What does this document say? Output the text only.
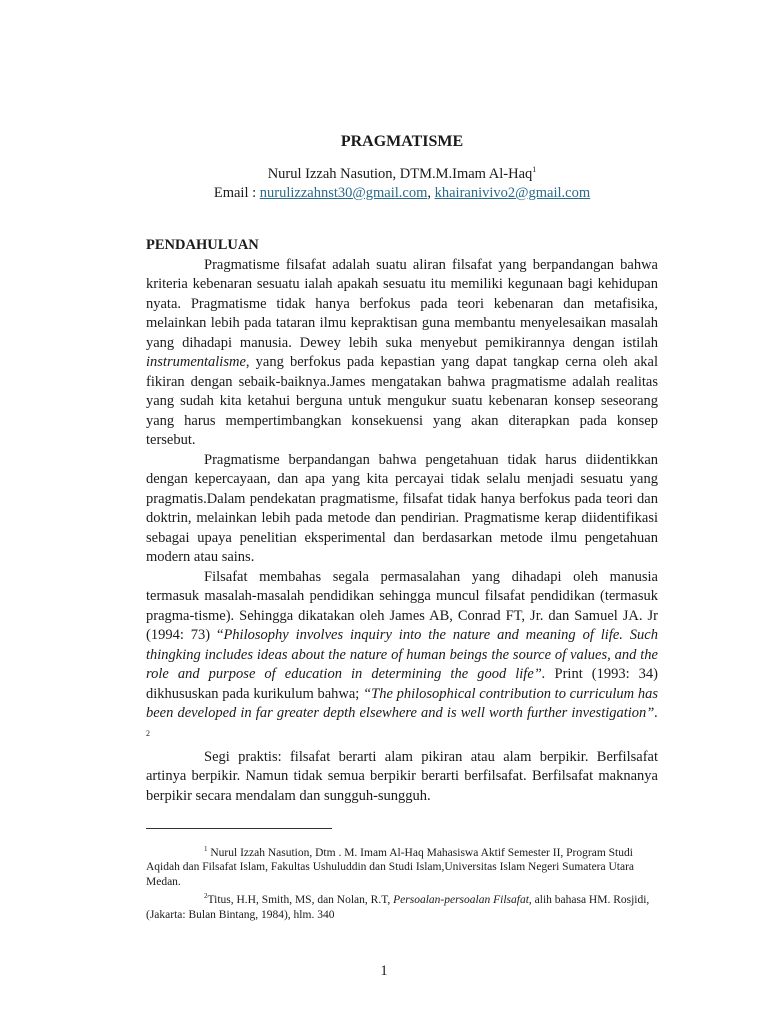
PRAGMATISME

Nurul Izzah Nasution, DTM.M.Imam Al-Haq$^1$

Email : nurulizzahnst30@gmail.com, khairanivivo2@gmail.com

PENDAHULUAN

Pragmatisme filsafat adalah suatu aliran filsafat yang berpandangan bahwa kriteria kebenaran sesuatu ialah apakah sesuatu itu memiliki kegunaan bagi kehidupan nyata. Pragmatisme tidak hanya berfokus pada teori kebenaran dan metafisika, melainkan lebih pada tataran ilmu kepraktisan guna membantu menyelesaikan masalah yang dihadapi manusia. Dewey lebih suka menyebut pemikirannya dengan istilah instrumentalisme, yang berfokus pada kepastian yang dapat tangkap cerna oleh akal fikiran dengan sebaik-baiknya.James mengatakan bahwa pragmatisme adalah realitas yang sudah kita ketahui berguna untuk mengukur suatu kebenaran konsep seseorang yang harus mempertimbangkan konsekuensi yang akan diterapkan pada konsep tersebut.

Pragmatisme berpandangan bahwa pengetahuan tidak harus diidentikkan dengan kepercayaan, dan apa yang kita percayai tidak selalu menjadi sesuatu yang pragmatis.Dalam pendekatan pragmatisme, filsafat tidak hanya berfokus pada teori dan doktrin, melainkan lebih pada metode dan pendirian. Pragmatisme kerap diidentifikasi sebagai upaya penelitian eksperimental dan berdasarkan metode ilmu pengetahuan modern atau sains.

Filsafat membahas segala permasalahan yang dihadapi oleh manusia termasuk masalah-masalah pendidikan sehingga muncul filsafat pendidikan (termasuk pragma-tisme). Sehingga dikatakan oleh James AB, Conrad FT, Jr. dan Samuel JA. Jr (1994: 73) “Philosophy involves inquiry into the nature and meaning of life. Such thingking includes ideas about the nature of human beings the source of values, and the role and purpose of education in determining the good life”. Print (1993: 34) dikhususkan pada kurikulum bahwa; “The philosophical contribution to curriculum has been developed in far greater depth elsewhere and is well worth further investigation”. $^2$

Segi praktis: filsafat berarti alam pikiran atau alam berpikir. Berfilsafat artinya berpikir. Namun tidak semua berpikir berarti berfilsafat. Berfilsafat maknanya berpikir secara mendalam dan sungguh-sungguh.

$^1$ Nurul Izzah Nasution, Dtm . M. Imam Al-Haq Mahasiswa Aktif Semester II, Program Studi Aqidah dan Filsafat Islam, Fakultas Ushuluddin dan Studi Islam,Universitas Islam Negeri Sumatera Utara Medan.

$^2$Titus, H.H, Smith, MS, dan Nolan, R.T, Persoalan-persoalan Filsafat, alih bahasa HM. Rosjidi, (Jakarta: Bulan Bintang, 1984), hlm. 340

1
